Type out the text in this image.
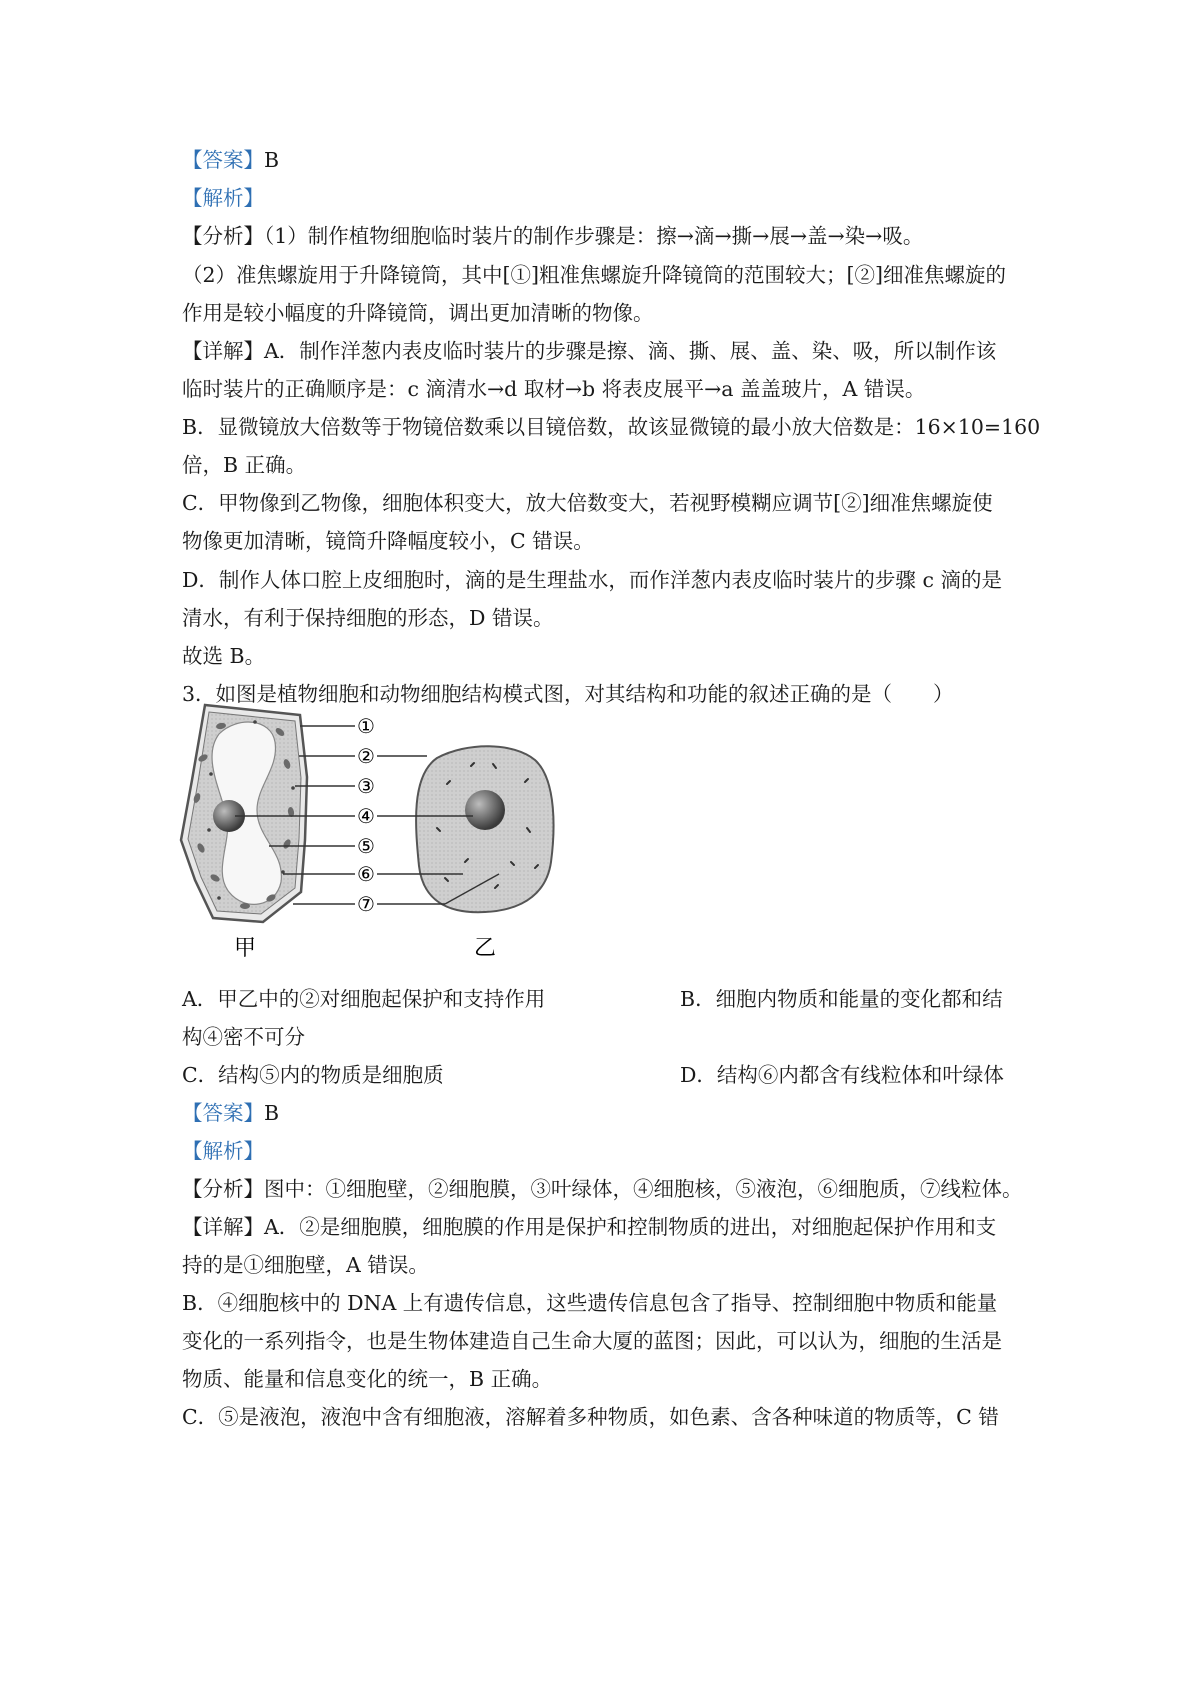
【答案】B
【解析】
【分析】（1）制作植物细胞临时装片的制作步骤是：擦→滴→撕→展→盖→染→吸。
（2）准焦螺旋用于升降镜筒，其中[①]粗准焦螺旋升降镜筒的范围较大；[②]细准焦螺旋的
作用是较小幅度的升降镜筒，调出更加清晰的物像。
【详解】A．制作洋葱内表皮临时装片的步骤是擦、滴、撕、展、盖、染、吸，所以制作该
临时装片的正确顺序是：c 滴清水→d 取材→b 将表皮展平→a 盖盖玻片，A 错误。
B．显微镜放大倍数等于物镜倍数乘以目镜倍数，故该显微镜的最小放大倍数是：16×10=160
倍，B 正确。
C．甲物像到乙物像，细胞体积变大，放大倍数变大，若视野模糊应调节[②]细准焦螺旋使
物像更加清晰，镜筒升降幅度较小，C 错误。
D．制作人体口腔上皮细胞时，滴的是生理盐水，而作洋葱内表皮临时装片的步骤 c 滴的是
清水，有利于保持细胞的形态，D 错误。
故选 B。
3．如图是植物细胞和动物细胞结构模式图，对其结构和功能的叙述正确的是（　　）
①
②
③
④
⑤
⑥
⑦
甲	乙
A．甲乙中的②对细胞起保护和支持作用	B．细胞内物质和能量的变化都和结
构④密不可分
C．结构⑤内的物质是细胞质	D．结构⑥内都含有线粒体和叶绿体
【答案】B
【解析】
【分析】图中：①细胞壁，②细胞膜，③叶绿体，④细胞核，⑤液泡，⑥细胞质，⑦线粒体。
【详解】A．②是细胞膜，细胞膜的作用是保护和控制物质的进出，对细胞起保护作用和支
持的是①细胞壁，A 错误。
B．④细胞核中的 DNA 上有遗传信息，这些遗传信息包含了指导、控制细胞中物质和能量
变化的一系列指令，也是生物体建造自己生命大厦的蓝图；因此，可以认为，细胞的生活是
物质、能量和信息变化的统一，B 正确。
C．⑤是液泡，液泡中含有细胞液，溶解着多种物质，如色素、含各种味道的物质等，C 错
